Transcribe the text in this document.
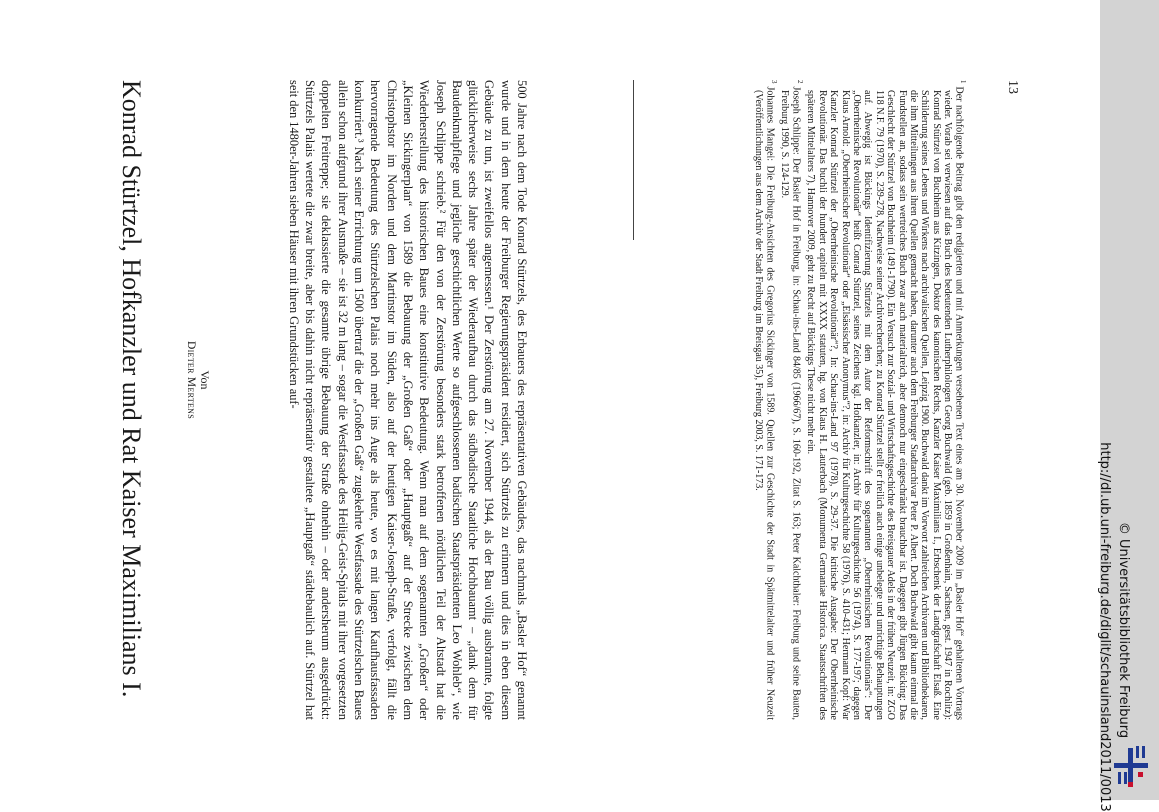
Konrad Stürtzel, Hofkanzler und Rat Kaiser Maximilians I.	Von
Dieter Mertens	500 Jahre nach dem Tode Konrad Stürtzels, des Erbauers des repräsentativen Gebäudes, das nachmals „Basler Hof“ genannt wurde und in dem heute der Freiburger Regierungspräsident residiert, sich Stürtzels zu erinnern und dies in eben diesem Gebäude zu tun, ist zweifellos angemessen.¹ Der Zerstörung am 27. November 1944, als der Bau völlig ausbrannte, folgte glücklicherweise sechs Jahre später der Wiederaufbau durch das südbadische Staatliche Hochbauamt – „dank dem für Baudenkmalpflege und jegliche geschichtlichen Werte so aufgeschlossenen badischen Staatspräsidenten Leo Wohleb“, wie Joseph Schlippe schrieb.² Für den von der Zerstörung besonders stark betroffenen nördlichen Teil der Altstadt hat die Wiederherstellung des historischen Baues eine konstitutive Bedeutung. Wenn man auf dem sogenannten „Großen“ oder „Kleinen Sickingerplan“ von 1589 die Bebauung der „Großen Gaß“ oder „Hauptgaß“ auf der Strecke zwischen dem Christophstor im Norden und dem Martinstor im Süden, also auf der heutigen Kaiser-Joseph-Straße, verfolgt, fällt die hervorragende Bedeutung des Stürtzelschen Palais noch mehr ins Auge als heute, wo es mit langen Kaufhausfassaden konkurriert.³ Nach seiner Errichtung um 1500 übertraf die der „Großen Gaß“ zugekehrte Westfassade des Stürtzelschen Baues allein schon aufgrund ihrer Ausmaße – sie ist 32 m lang – sogar die Westfassade des Heilig-Geist-Spitals mit ihrer vorgesetzten doppelten Freitreppe; sie deklassierte die gesamte übrige Bebauung der Straße ohnehin – oder andersherum ausgedrückt: Stürtzels Palais wertete die zwar breite, aber bis dahin nicht repräsentativ gestaltete „Hauptgaß“ städtebaulich auf. Stürtzel hat seit den 1480er-Jahren sieben Häuser mit ihren Grundstücken auf-	$^1$Der nachfolgende Beitrag gibt den redigierten und mit Anmerkungen versehenen Text eines am 30. November 2009 im „Basler Hof“ gehaltenen Vortrags wieder. Vorab sei verwiesen auf das Buch des bedeutenden Lutherphilologen Georg Buchwald (geb. 1859 in Großenhain, Sachsen, gest. 1947 in Rochlitz): Konrad Stürtzel von Buchheim aus Kitzingen, Doktor des kanonischen Rechts, Kanzler Kaiser Maximilians I., Erbschenk der Landgrafschaft Elsaß. Eine Schilderung seines Lebens und Wirkens nach archivalischen Quellen, Leipzig 1900. Buchwald dankt im Vorwort zahlreichen Archivaren und Bibliothekaren, die ihm Mitteilungen aus ihren Quellen gemacht haben, darunter auch dem Freiburger Stadtarchivar Peter P. Albert. Doch Buchwald gibt kaum einmal die Fundstellen an, sodass sein wertreiches Buch zwar auch materialreich, aber dennoch nur eingeschränkt brauchbar ist. Dagegen gibt Jürgen Bücking: Das Geschlecht der Stürtzel von Buchheim (1491-1790). Ein Versuch zur Sozial- und Wirtschaftsgeschichte des Breisgauer Adels in der frühen Neuzeit, in: ZGO 118 N.F. 79 (1970), S. 239-278, Nachweise seiner Archivrecherchen; zu Konrad Stürtzel stellt er freilich auch einige unbelegte und unrichtige Behauptungen auf. Abwegig ist Bückings Identifizierung Stürtzels mit dem Autor der Reformschrift des sogenannten „Oberrheinischen Revolutionärs“: Der „Oberrheinische Revolutionär“ heißt Conrad Stürtzel, seines Zeichens kgl. Hofkanzler, in: Archiv für Kulturgeschichte 56 (1974), S. 177-197; dagegen Klaus Arnold: „Oberrheinischer Revolutionär“ oder „Elsässischer Anonymus“?, in: Archiv für Kulturgeschichte 58 (1976), S. 410-431; Hermann Kopf: War Kanzler Konrad Stürtzel der „Oberrheinische Revolutionär“?, In: Schau-ins-Land 97 (1978), S. 29-37. Die kritische Ausgabe: Der Oberrheinische Revolutionär. Das buchli der hundert capiteln mit XXXX statuten, hg. von Klaus H. Lauterbach (Monumenta Germaniae Historica. Staatsschriften des späteren Mittelalters 7), Hannover 2009, geht zu Recht auf Bückings These nicht mehr ein.

$^2$Joseph Schlippe: Der Basler Hof in Freiburg, in: Schau-ins-Land 84/85 (1966/67), S. 160-192, Zitat S. 163; Peter Kalchthaler: Freiburg und seine Bauten, Freiburg 1990, S. 124-129.

$^3$Johannes Mangei: Die Freiburg-Ansichten des Gregorius Sickinger von 1589. Quellen zur Geschichte der Stadt in Spätmittelalter und früher Neuzeit (Veröffentlichungen aus dem Archiv der Stadt Freiburg im Breisgau 35), Freiburg 2003, S. 171-173.

13
http://dl.ub.uni-freiburg.de/diglit/schauinsland2011/0013 © Universitätsbibliothek Freiburg
